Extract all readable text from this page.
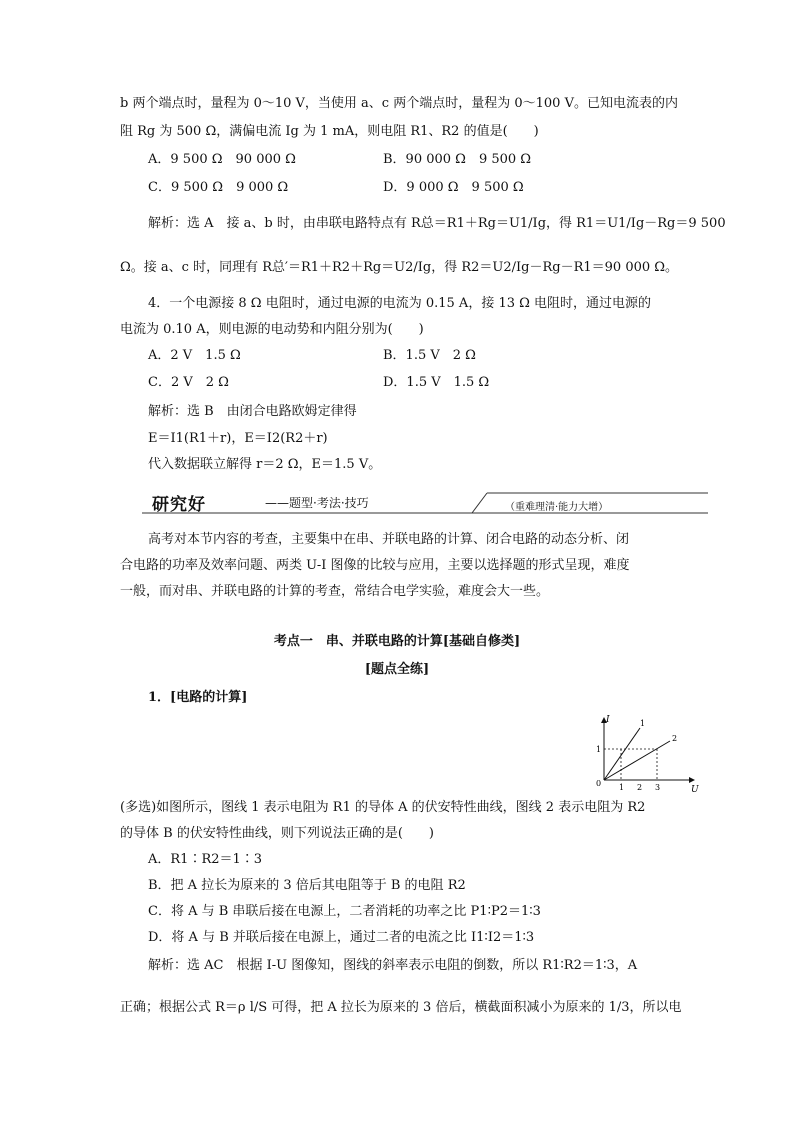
b 两个端点时，量程为 0～10 V，当使用 a、c 两个端点时，量程为 0～100 V。已知电流表的内
阻 Rg 为 500 Ω，满偏电流 Ig 为 1 mA，则电阻 R1、R2 的值是(　　)
A．9 500 Ω　90 000 Ω	B．90 000 Ω　9 500 Ω
C．9 500 Ω　9 000 Ω	D．9 000 Ω　9 500 Ω
解析：选 A　接 a、b 时，由串联电路特点有 R总＝R1＋Rg＝U1/Ig，得 R1＝U1/Ig－Rg＝9 500
Ω。接 a、c 时，同理有 R总′＝R1＋R2＋Rg＝U2/Ig，得 R2＝U2/Ig－Rg－R1＝90 000 Ω。
4．一个电源接 8 Ω 电阻时，通过电源的电流为 0.15 A，接 13 Ω 电阻时，通过电源的
电流为 0.10 A，则电源的电动势和内阻分别为(　　)
A．2 V　1.5 Ω	B．1.5 V　2 Ω
C．2 V　2 Ω	D．1.5 V　1.5 Ω
解析：选 B　由闭合电路欧姆定律得
E＝I1(R1＋r)，E＝I2(R2＋r)
代入数据联立解得 r＝2 Ω，E＝1.5 V。
研究好	——题型·考法·技巧	（重难理清·能力大增）
高考对本节内容的考查，主要集中在串、并联电路的计算、闭合电路的动态分析、闭
合电路的功率及效率问题、两类 U-I 图像的比较与应用，主要以选择题的形式呈现，难度
一般，而对串、并联电路的计算的考查，常结合电学实验，难度会大一些。
考点一　串、并联电路的计算[基础自修类]
[题点全练]
1．[电路的计算]
I
U
0
1
1 2 3
1
2
(多选)如图所示，图线 1 表示电阻为 R1 的导体 A 的伏安特性曲线，图线 2 表示电阻为 R2
的导体 B 的伏安特性曲线，则下列说法正确的是(　　)
A．R1∶R2＝1∶3
B．把 A 拉长为原来的 3 倍后其电阻等于 B 的电阻 R2
C．将 A 与 B 串联后接在电源上，二者消耗的功率之比 P1∶P2＝1∶3
D．将 A 与 B 并联后接在电源上，通过二者的电流之比 I1∶I2＝1∶3
解析：选 AC　根据 I-U 图像知，图线的斜率表示电阻的倒数，所以 R1∶R2＝1∶3，A
正确；根据公式 R＝ρ l/S 可得，把 A 拉长为原来的 3 倍后，横截面积减小为原来的 1/3，所以电
